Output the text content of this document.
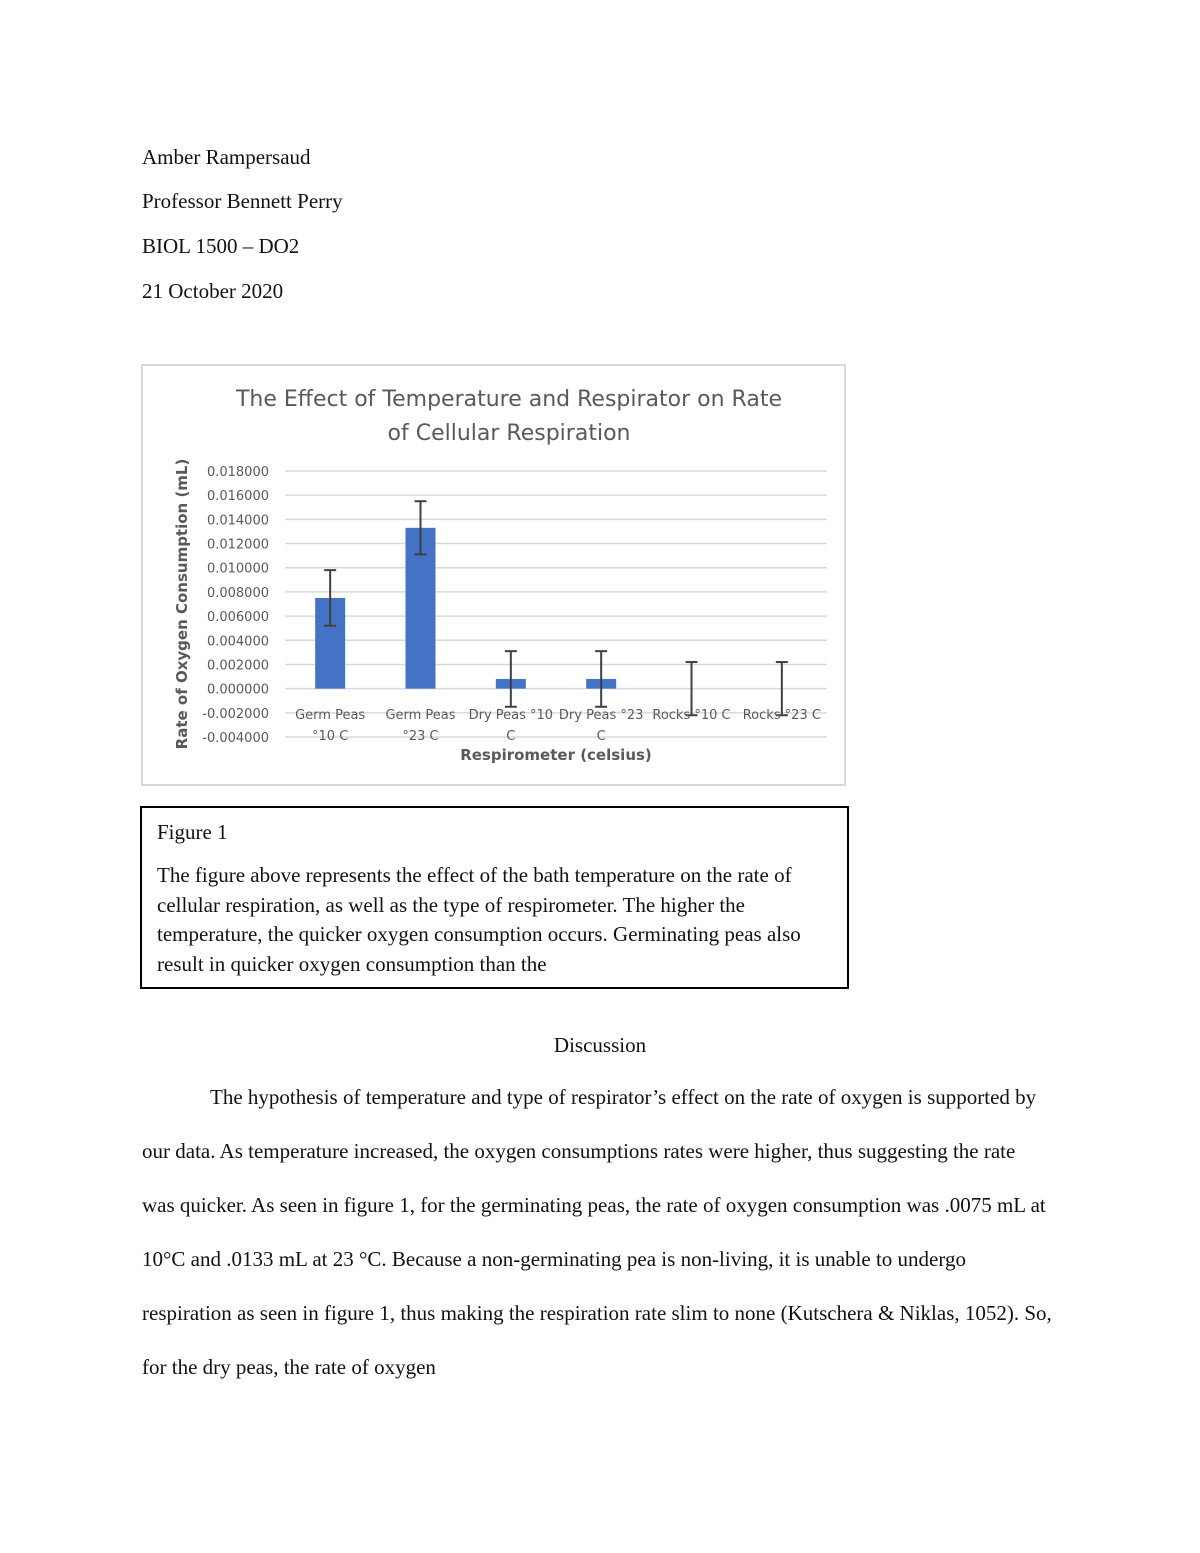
Amber Rampersaud
Professor Bennett Perry
BIOL 1500 – DO2
21 October 2020
The Effect of Temperature and Respirator on Rate
of Cellular Respiration
-0.004000
-0.002000
0.000000
0.002000
0.004000
0.006000
0.008000
0.010000
0.012000
0.014000
0.016000
0.018000
Germ Peas
°10 C
Germ Peas
°23 C
Dry Peas °10
C
Dry Peas °23
C
Rocks °10 C Rocks °23 C
Respirometer (celsius)
Rate of Oxygen Consumption (mL)
Figure 1
The figure above represents the effect of the bath temperature on the rate of cellular respiration, as well as the type of respirometer. The higher the temperature, the quicker oxygen consumption occurs. Germinating peas also result in quicker oxygen consumption than the
Discussion
The hypothesis of temperature and type of respirator’s effect on the rate of oxygen is supported by our data. As temperature increased, the oxygen consumptions rates were higher, thus suggesting the rate was quicker. As seen in figure 1, for the germinating peas, the rate of oxygen consumption was .0075 mL at 10°C and .0133 mL at 23 °C. Because a non-germinating pea is non-living, it is unable to undergo respiration as seen in figure 1, thus making the respiration rate slim to none (Kutschera & Niklas, 1052). So, for the dry peas, the rate of oxygen
